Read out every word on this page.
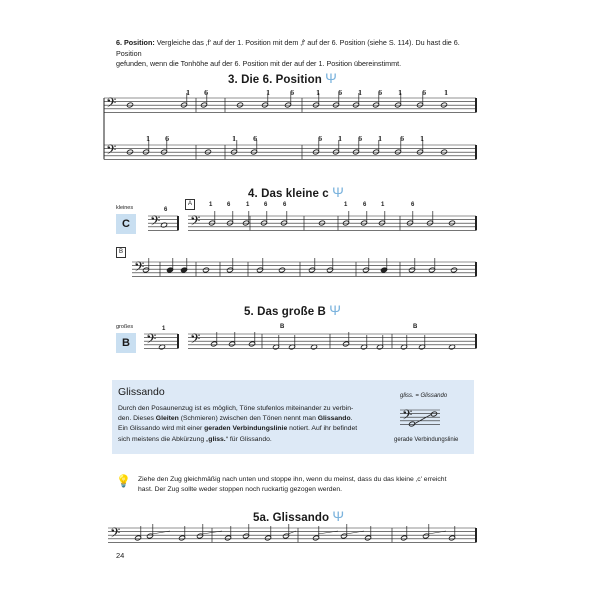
6. Position: Vergleiche das ‚f' auf der 1. Position mit dem ‚f' auf der 6. Position (siehe S. 114). Du hast die 6. Position
gefunden, wenn die Tonhöhe auf der 6. Position mit der auf der 1. Position übereinstimmt.
3. Die 6. Position Ψ
4. Das kleine c Ψ
kleines
C
6
A
B
1 6	1 6	6	1	6 1	6
5. Das große B Ψ
großes
B
1	B	B
Glissando
Durch den Posaunenzug ist es möglich, Töne stufenlos miteinander zu verbin-
den. Dieses Gleiten (Schmieren) zwischen den Tönen nennt man Glissando.
Ein Glissando wird mit einer geraden Verbindungslinie notiert. Auf ihr befindet
sich meistens die Abkürzung „gliss.“ für Glissando.
gliss. = Glissando
gerade Verbindungslinie
💡 Ziehe den Zug gleichmäßig nach unten und stoppe ihn, wenn du meinst, dass du das kleine ‚c' erreicht
hast. Der Zug sollte weder stoppen noch ruckartig gezogen werden.
5a. Glissando Ψ
24
𝄢
𝄢
𝄢 𝄢
𝄢
𝄢 𝄢
𝄢
𝄢
1 6	1	6	1	6	1	6	1	6	1
1 6	1	6	6	1	6	1	6	1
